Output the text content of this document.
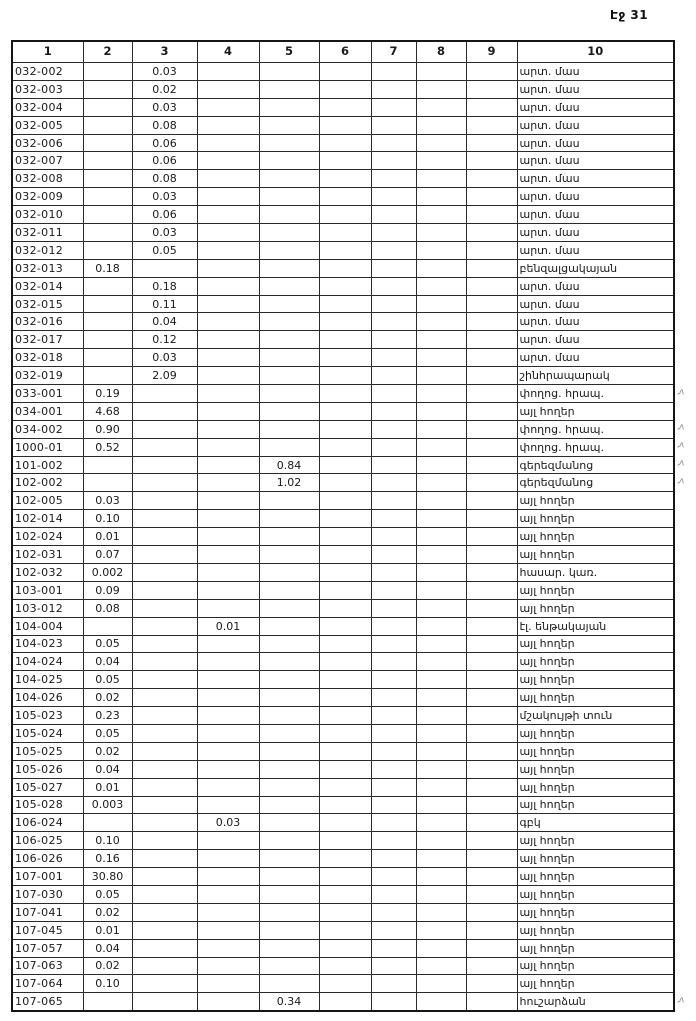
Էջ 31
1	2	3	4	5	6	7	8	9	10
032-002		0.03							արտ. մաս
032-003		0.02							արտ. մաս
032-004		0.03							արտ. մաս
032-005		0.08							արտ. մաս
032-006		0.06							արտ. մաս
032-007		0.06							արտ. մաս
032-008		0.08							արտ. մաս
032-009		0.03							արտ. մաս
032-010		0.06							արտ. մաս
032-011		0.03							արտ. մաս
032-012		0.05							արտ. մաս
032-013	0.18								բենզալցակայան
032-014		0.18							արտ. մաս
032-015		0.11							արտ. մաս
032-016		0.04							արտ. մաս
032-017		0.12							արտ. մաս
032-018		0.03							արտ. մաս
032-019		2.09							շինհրապարակ
033-001	0.19								փողոց. հրապ.
034-001	4.68								այլ հողեր
034-002	0.90								փողոց. հրապ.
1000-01	0.52								փողոց. հրապ.
101-002				0.84					գերեզմանոց
102-002				1.02					գերեզմանոց
102-005	0.03								այլ հողեր
102-014	0.10								այլ հողեր
102-024	0.01								այլ հողեր
102-031	0.07								այլ հողեր
102-032	0.002								հասար. կառ.
103-001	0.09								այլ հողեր
103-012	0.08								այլ հողեր
104-004			0.01						էլ. ենթակայան
104-023	0.05								այլ հողեր
104-024	0.04								այլ հողեր
104-025	0.05								այլ հողեր
104-026	0.02								այլ հողեր
105-023	0.23								մշակույթի տուն
105-024	0.05								այլ հողեր
105-025	0.02								այլ հողեր
105-026	0.04								այլ հողեր
105-027	0.01								այլ հողեր
105-028	0.003								այլ հողեր
106-024			0.03						գբկ
106-025	0.10								այլ հողեր
106-026	0.16								այլ հողեր
107-001	30.80								այլ հողեր
107-030	0.05								այլ հողեր
107-041	0.02								այլ հողեր
107-045	0.01								այլ հողեր
107-057	0.04								այլ հողեր
107-063	0.02								այլ հողեր
107-064	0.10								այլ հողեր
107-065				0.34					հուշարձան
,ʌ
,ʌ
,ʌ
,ʌ
,ʌ
,ʌ
